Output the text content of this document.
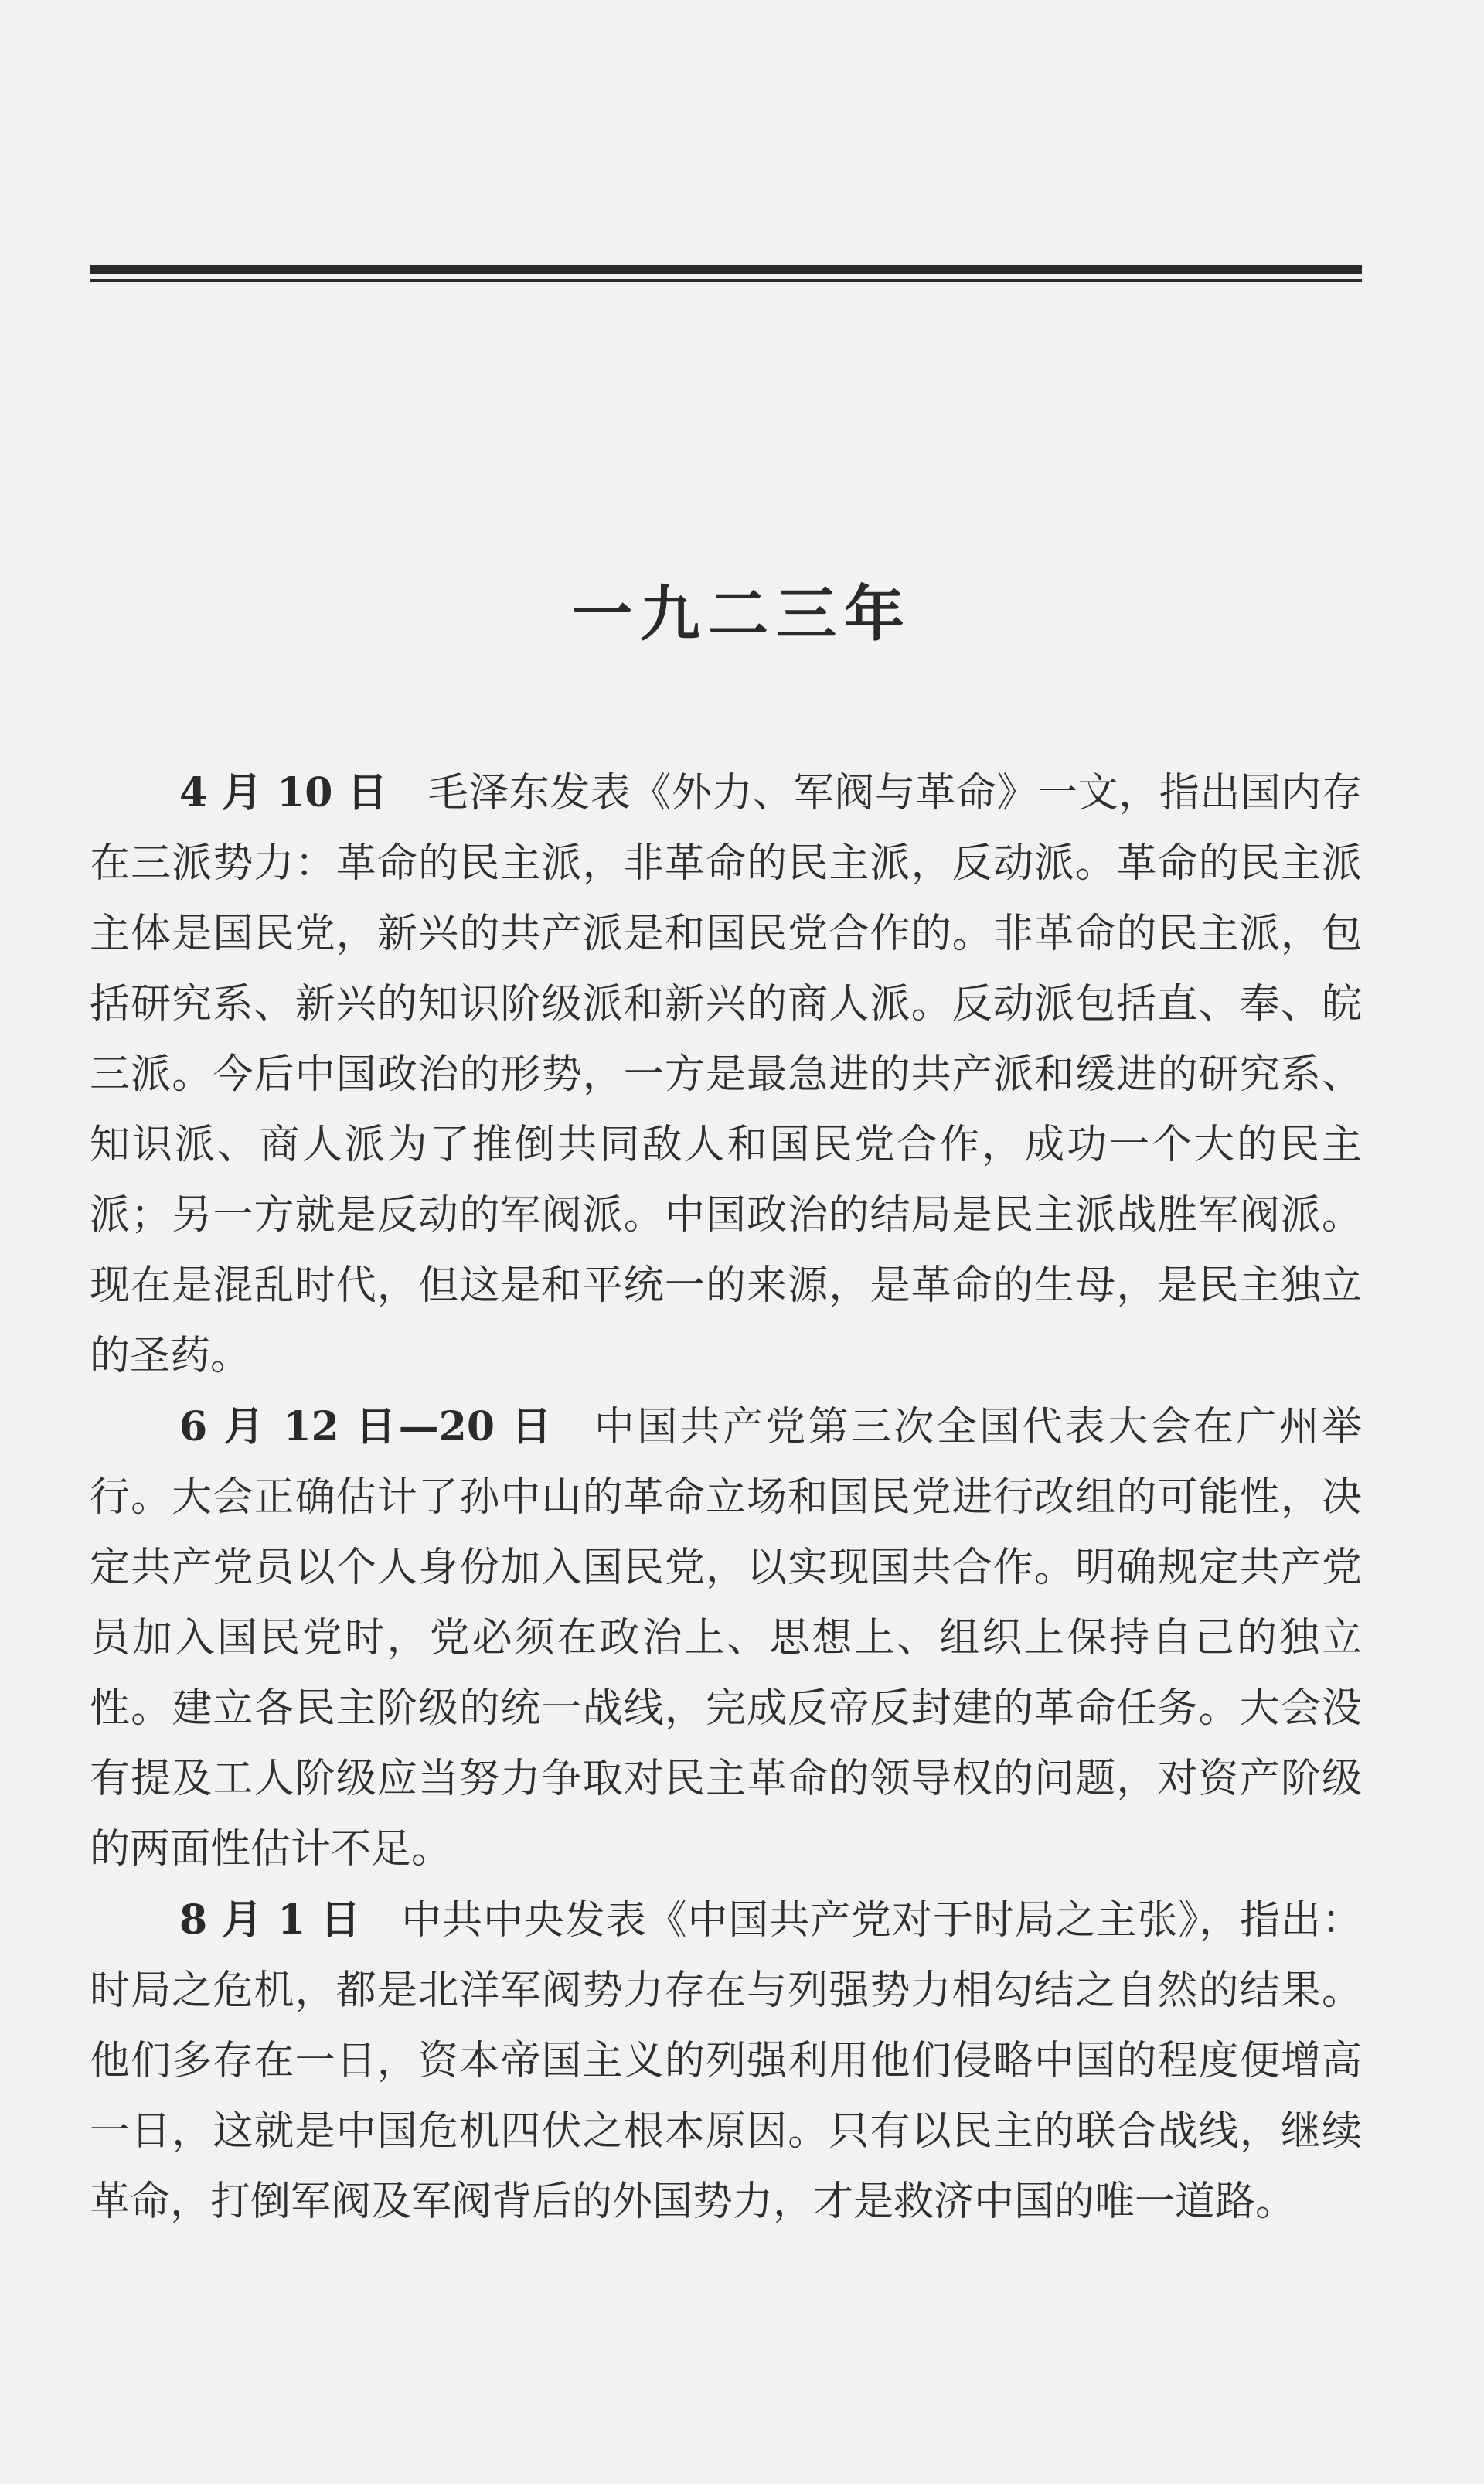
一九二三年

4 月 10 日 毛泽东发表《外力、军阀与革命》一文，指出国内存在三派势力：革命的民主派，非革命的民主派，反动派。革命的民主派主体是国民党，新兴的共产派是和国民党合作的。非革命的民主派，包括研究系、新兴的知识阶级派和新兴的商人派。反动派包括直、奉、皖三派。今后中国政治的形势，一方是最急进的共产派和缓进的研究系、知识派、商人派为了推倒共同敌人和国民党合作，成功一个大的民主派；另一方就是反动的军阀派。中国政治的结局是民主派战胜军阀派。现在是混乱时代，但这是和平统一的来源，是革命的生母，是民主独立的圣药。

6 月 12 日—20 日 中国共产党第三次全国代表大会在广州举行。大会正确估计了孙中山的革命立场和国民党进行改组的可能性，决定共产党员以个人身份加入国民党，以实现国共合作。明确规定共产党员加入国民党时，党必须在政治上、思想上、组织上保持自己的独立性。建立各民主阶级的统一战线，完成反帝反封建的革命任务。大会没有提及工人阶级应当努力争取对民主革命的领导权的问题，对资产阶级的两面性估计不足。

8 月 1 日 中共中央发表《中国共产党对于时局之主张》，指出：时局之危机，都是北洋军阀势力存在与列强势力相勾结之自然的结果。他们多存在一日，资本帝国主义的列强利用他们侵略中国的程度便增高一日，这就是中国危机四伏之根本原因。只有以民主的联合战线，继续革命，打倒军阀及军阀背后的外国势力，才是救济中国的唯一道路。
